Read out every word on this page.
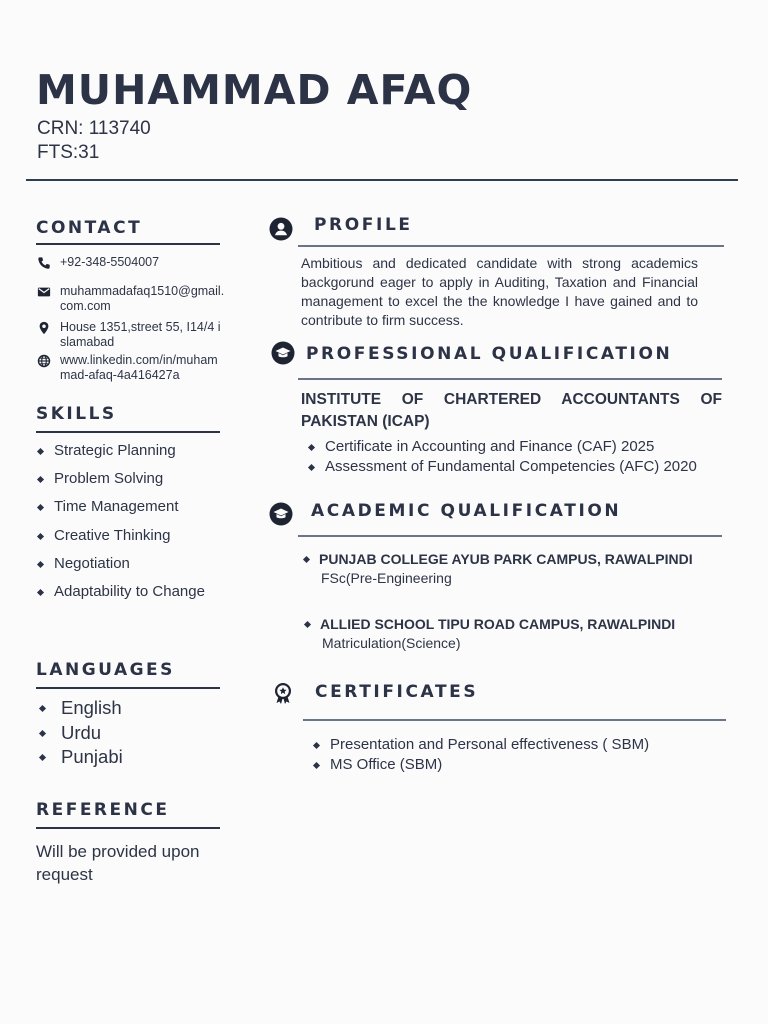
MUHAMMAD AFAQ
CRN: 113740
FTS:31
CONTACT
+92-348-5504007
muhammadafaq1510@gmail.com.com
House 1351,street 55, I14/4 islamabad
www.linkedin.com/in/muhammad-afaq-4a416427a
SKILLS
Strategic Planning
Problem Solving
Time Management
Creative Thinking
Negotiation
Adaptability to Change
LANGUAGES
English
Urdu
Punjabi
REFERENCE
Will be provided upon request
PROFILE
Ambitious and dedicated candidate with strong academics backgorund eager to apply in Auditing, Taxation and Financial management to excel the the knowledge I have gained and to contribute to firm success.
PROFESSIONAL QUALIFICATION
INSTITUTE OF CHARTERED ACCOUNTANTS OF PAKISTAN (ICAP)
Certificate in Accounting and Finance (CAF) 2025
Assessment of Fundamental Competencies (AFC) 2020
ACADEMIC QUALIFICATION
PUNJAB COLLEGE AYUB PARK CAMPUS, RAWALPINDI
FSc(Pre-Engineering
ALLIED SCHOOL TIPU ROAD CAMPUS, RAWALPINDI
Matriculation(Science)
CERTIFICATES
Presentation and Personal effectiveness ( SBM)
MS Office (SBM)
